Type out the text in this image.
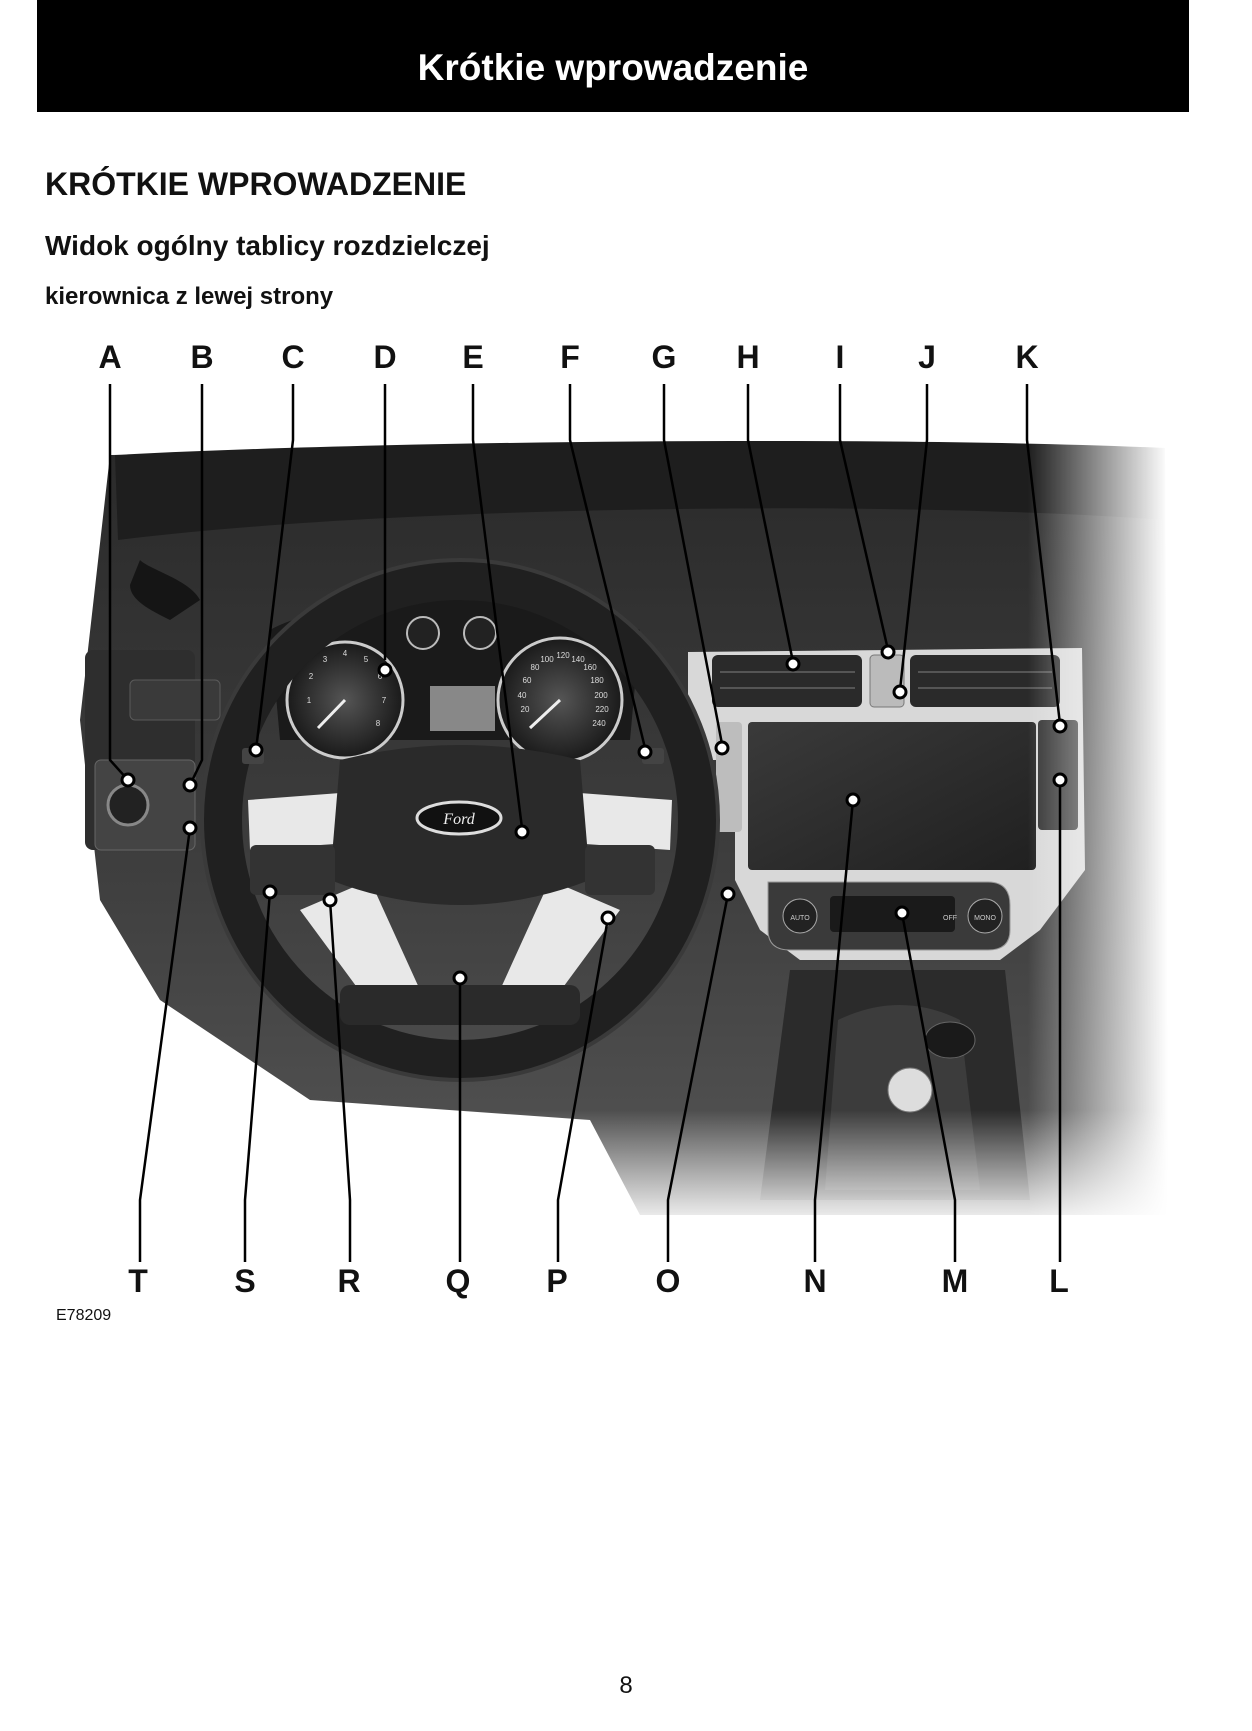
Krótkie wprowadzenie
KRÓTKIE WPROWADZENIE
Widok ogólny tablicy rozdzielczej
kierownica z lewej strony
A B C D E F G H I J K
T	S	R	Q P	O	N	M	L
E78209
8
